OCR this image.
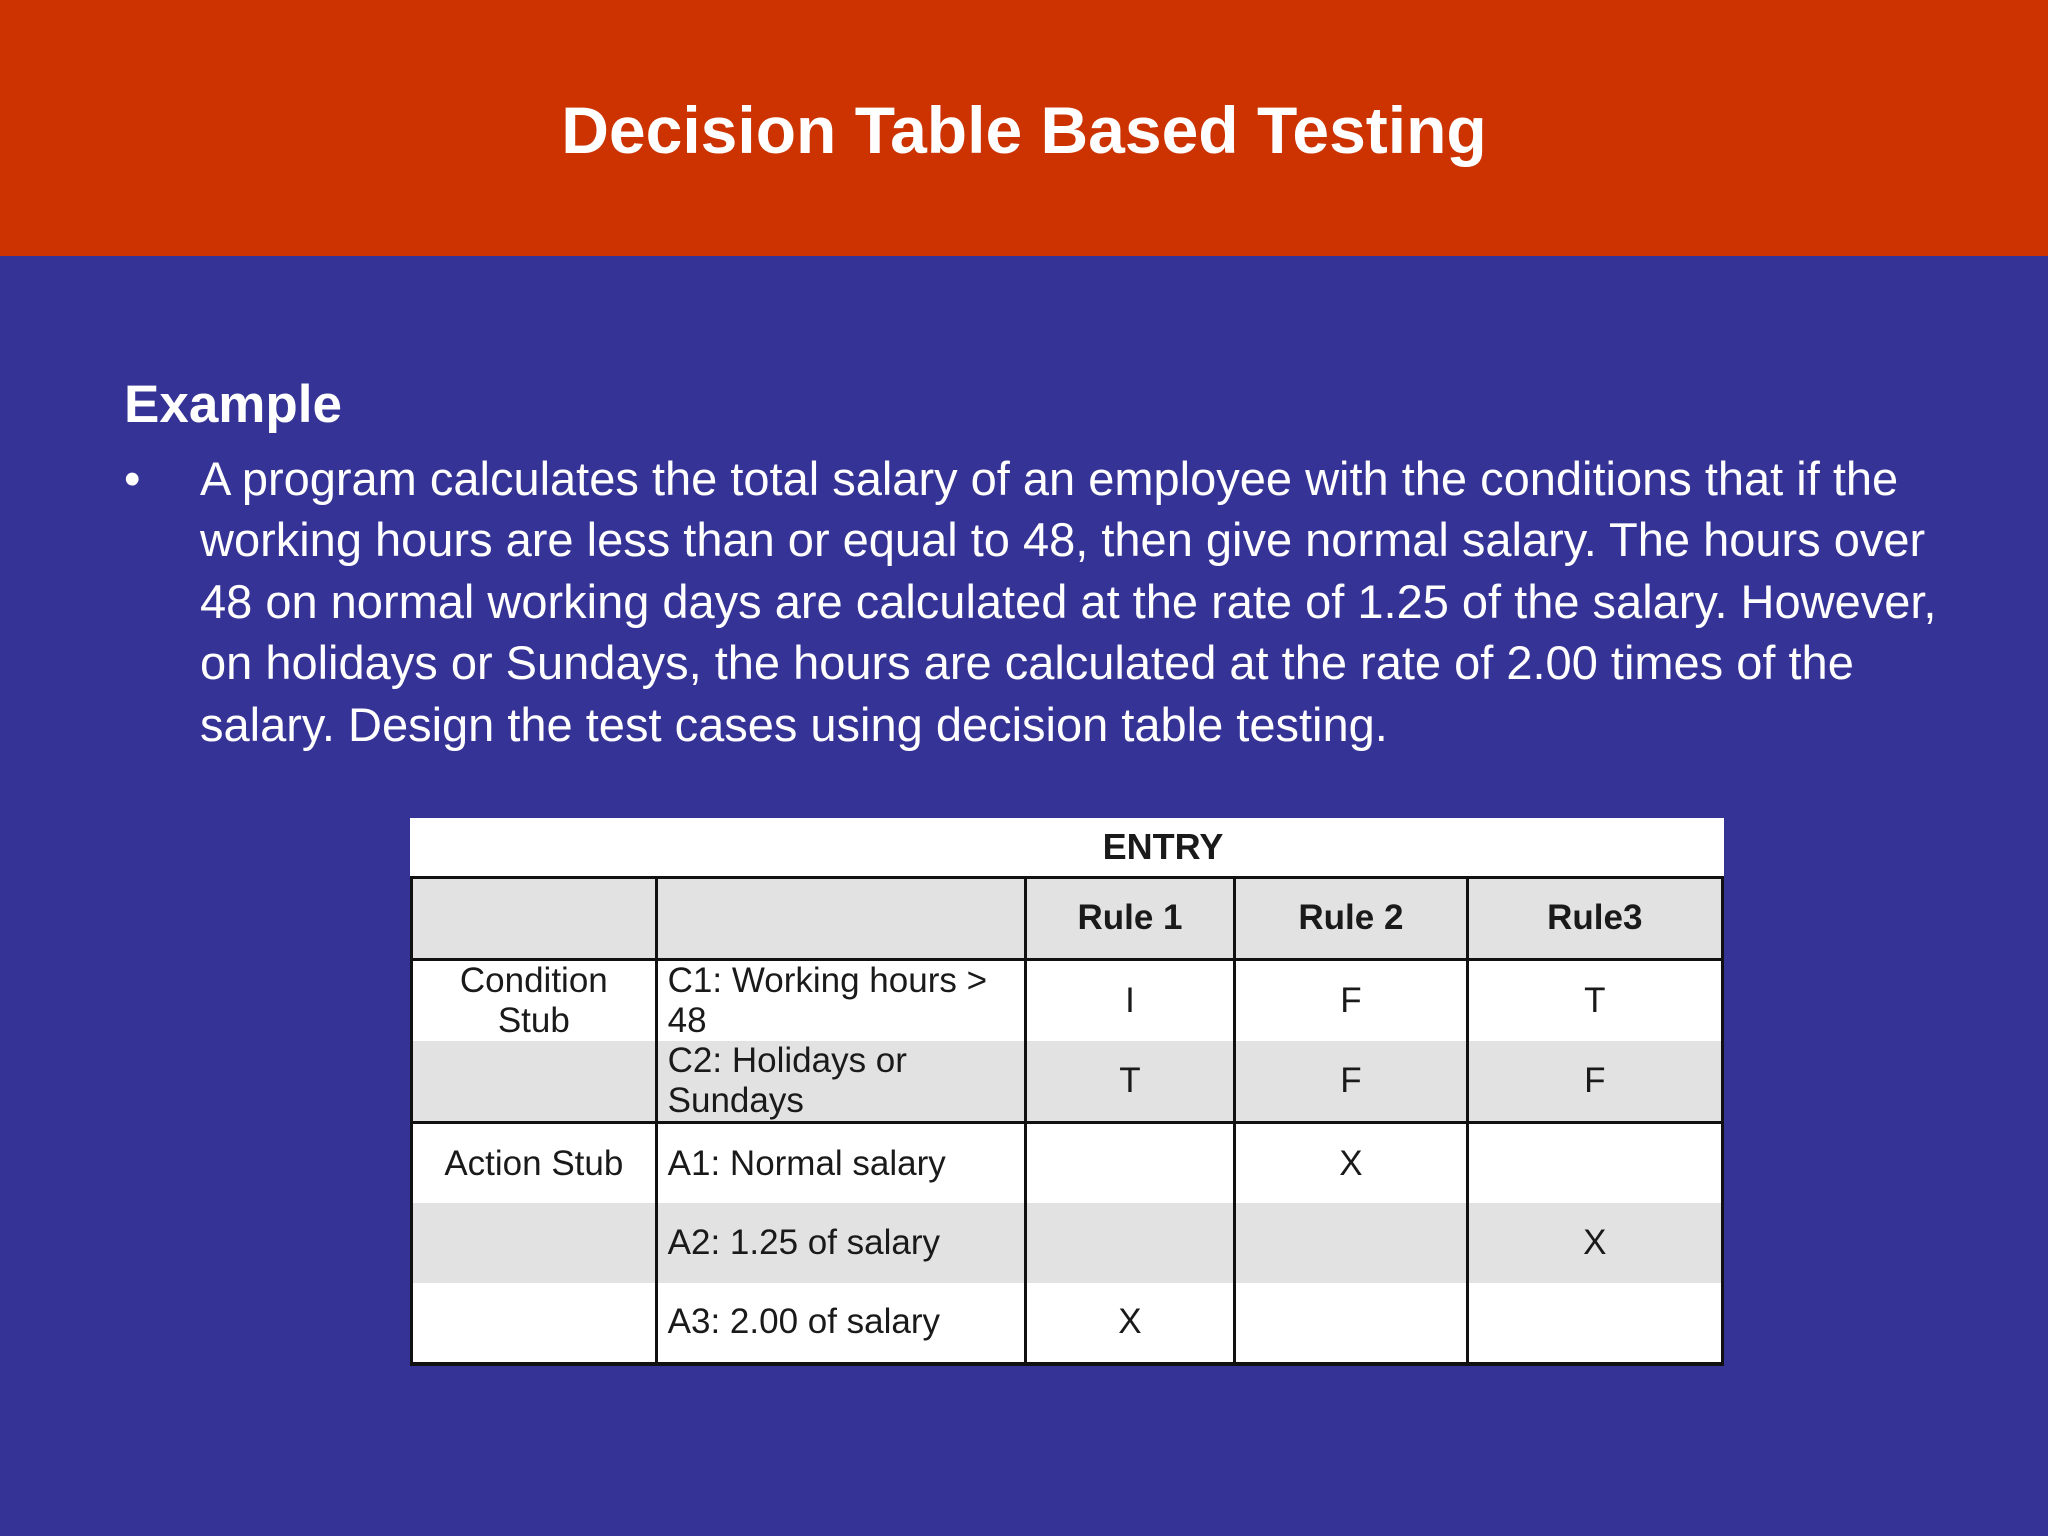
Decision Table Based Testing
Example
•	A program calculates the total salary of an employee with the conditions that if the working hours are less than or equal to 48, then give normal salary. The hours over 48 on normal working days are calculated at the rate of 1.25 of the salary. However, on holidays or Sundays, the hours are calculated at the rate of 2.00 times of the salary. Design the test cases using decision table testing.
ENTRY				
		Rule 1	Rule 2	Rule3
Condition Stub	C1: Working hours > 48	I	F	T
	C2: Holidays or Sundays	T	F	F
Action Stub	A1: Normal salary		X	
	A2: 1.25 of salary			X
	A3: 2.00 of salary	X		
